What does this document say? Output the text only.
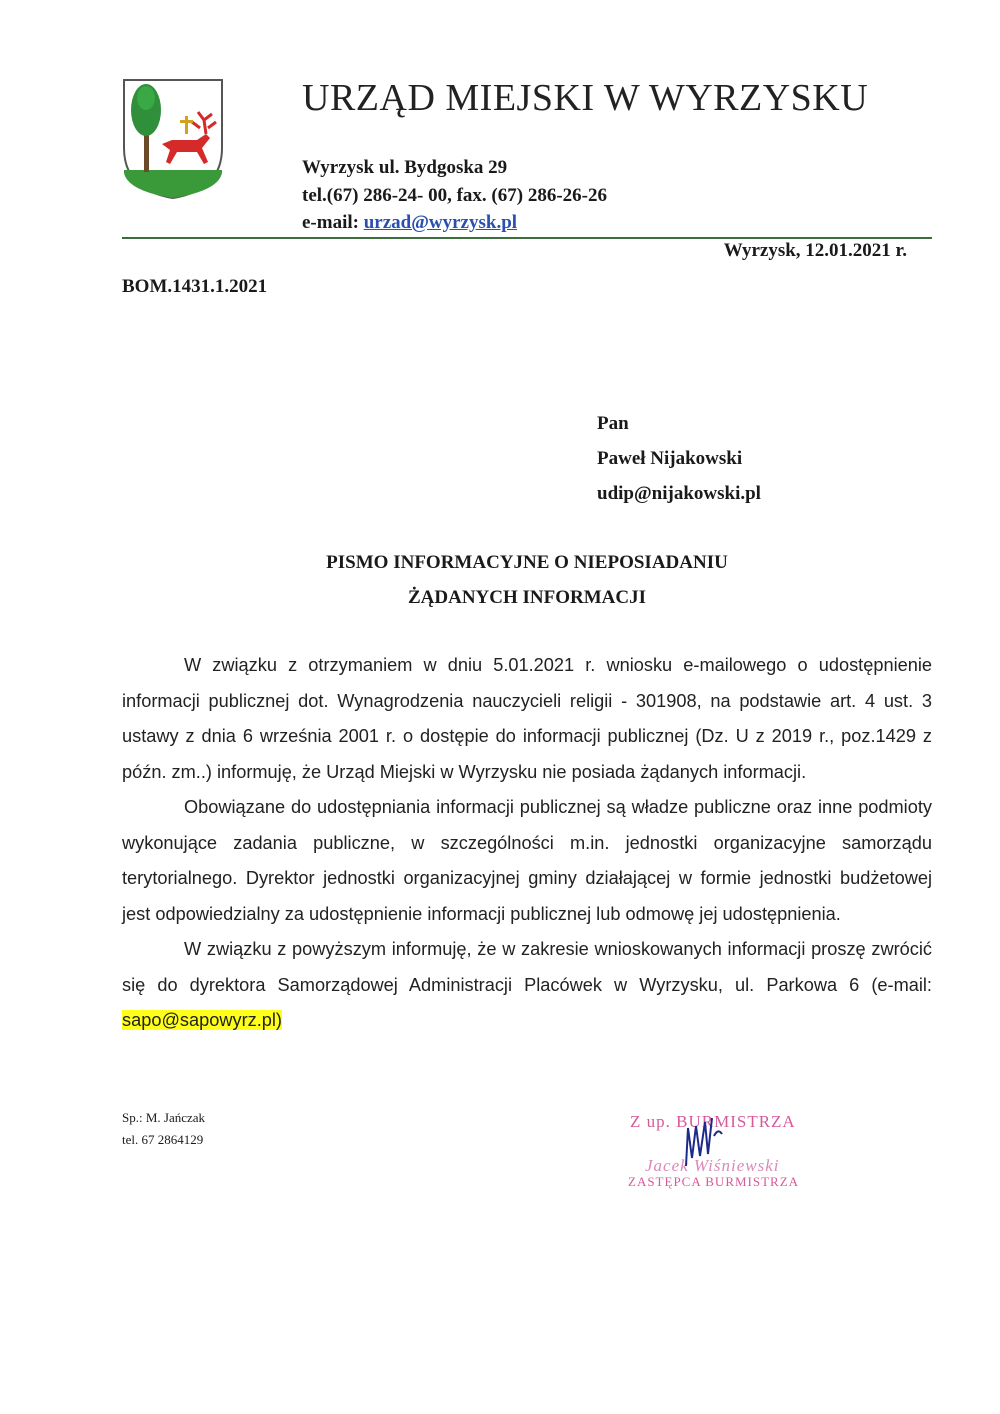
URZĄD MIEJSKI W WYRZYSKU
Wyrzysk ul. Bydgoska 29
tel.(67) 286-24- 00, fax. (67) 286-26-26
e-mail: urzad@wyrzysk.pl
Wyrzysk, 12.01.2021 r.
BOM.1431.1.2021
Pan
Paweł Nijakowski
udip@nijakowski.pl
PISMO INFORMACYJNE O NIEPOSIADANIU
ŻĄDANYCH INFORMACJI

W związku z otrzymaniem w dniu 5.01.2021 r. wniosku e-mailowego o udostępnienie informacji publicznej dot. Wynagrodzenia nauczycieli religii - 301908, na podstawie art. 4 ust. 3 ustawy z dnia 6 września 2001 r. o dostępie do informacji publicznej (Dz. U z 2019 r., poz.1429 z późn. zm..) informuję, że Urząd Miejski w Wyrzysku nie posiada żądanych informacji.

Obowiązane do udostępniania informacji publicznej są władze publiczne oraz inne podmioty wykonujące zadania publiczne, w szczególności m.in. jednostki organizacyjne samorządu terytorialnego. Dyrektor jednostki organizacyjnej gminy działającej w formie jednostki budżetowej jest odpowiedzialny za udostępnienie informacji publicznej lub odmowę jej udostępnienia.

W związku z powyższym informuję, że w zakresie wnioskowanych informacji proszę zwrócić się do dyrektora Samorządowej Administracji Placówek w Wyrzysku, ul. Parkowa 6 (e-mail: sapo@sapowyrz.pl)

Sp.: M. Jańczak
tel. 67 2864129
Z up. BURMISTRZA
Jacek Wiśniewski
ZASTĘPCA BURMISTRZA
